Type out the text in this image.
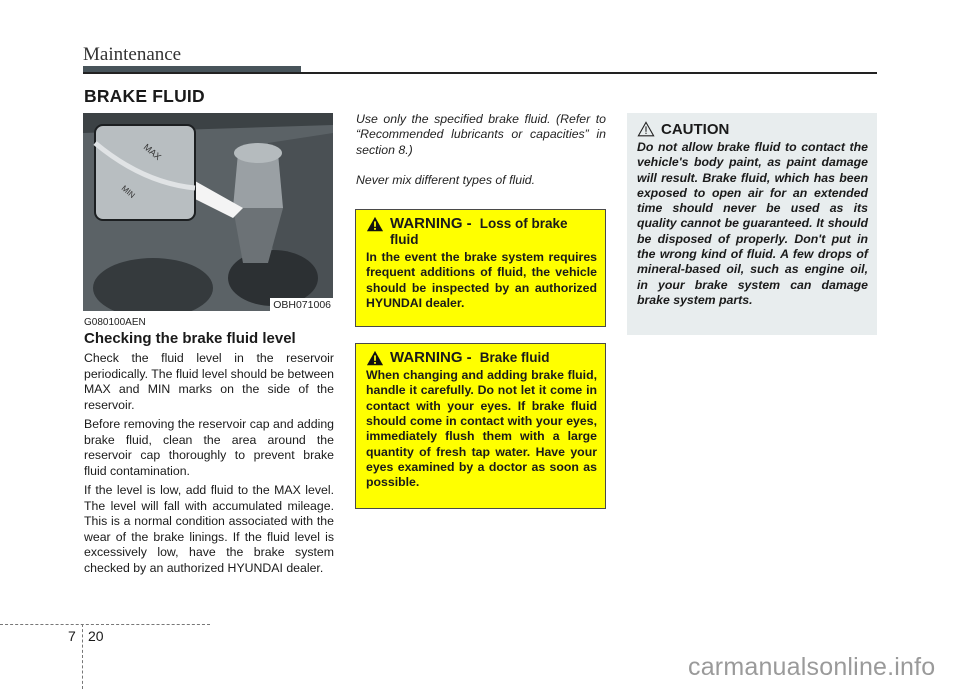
Maintenance
BRAKE FLUID
MAX
MIN
OBH071006
G080100AEN
Checking the brake fluid level

Check the fluid level in the reservoir periodically. The fluid level should be between MAX and MIN marks on the side of the reservoir.

Before removing the reservoir cap and adding brake fluid, clean the area around the reservoir cap thoroughly to prevent brake fluid contamination.

If the level is low, add fluid to the MAX level. The level will fall with accumulated mileage. This is a normal condition associated with the wear of the brake linings. If the fluid level is excessively low, have the brake system checked by an authorized HYUNDAI dealer.

Use only the specified brake fluid. (Refer to “Recommended lubricants or capacities” in section 8.)

Never mix different types of fluid.

WARNING - Loss of brake fluid
In the event the brake system requires frequent additions of fluid, the vehicle should be inspected by an authorized HYUNDAI dealer.
WARNING - Brake fluid
When changing and adding brake fluid, handle it carefully. Do not let it come in contact with your eyes. If brake fluid should come in contact with your eyes, immediately flush them with a large quantity of fresh tap water. Have your eyes examined by a doctor as soon as possible.
CAUTION
Do not allow brake fluid to contact the vehicle's body paint, as paint damage will result. Brake fluid, which has been exposed to open air for an extended time should never be used as its quality cannot be guaranteed. It should be disposed of properly. Don't put in the wrong kind of fluid. A few drops of mineral-based oil, such as engine oil, in your brake system can damage brake system parts.
7 20
carmanualsonline.info
